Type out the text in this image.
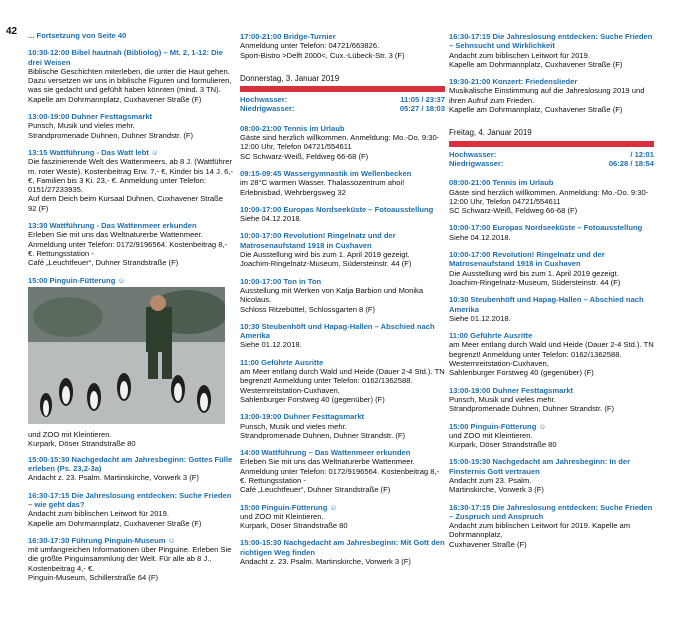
42 ... Fortsetzung von Seite 40
10:30-12:00 Bibel hautnah (Bibliolog) – Mt. 2, 1-12: Die drei Weisen
Biblische Geschichten miterleben, die unter die Haut gehen. Dazu versetzen wir uns in biblische Figuren und formulieren, was sie gedacht und gefühlt haben könnten (mind. 3 TN).
Kapelle am Dohrmannplatz, Cuxhavener Straße (F)
13:00-19:00 Duhner Festtagsmarkt
Punsch, Musik und vieles mehr.
Strandpromenade Duhnen, Duhner Strandstr. (F)
13:15 Wattführung - Das Watt lebt ☺
Die faszinierende Welt des Wattenmeers, ab 8 J. (Wattführer m. roter Weste). Kostenbeitrag Erw. 7,- €, Kinder bis 14 J. 6,- €, Familien bis 3 Ki. 23,- €. Anmeldung unter Telefon: 0151/27233935.
Auf dem Deich beim Kursaal Duhnen, Cuxhavener Straße 92 (F)
13:30 Wattführung - Das Wattenmeer erkunden
Erleben Sie mit uns das Weltnaturerbe Wattenmeer. Anmeldung unter Telefon: 0172/9196564. Kostenbeitrag 8,- €. Rettungsstation -
Café „Leuchtfeuer“, Duhner Strandstraße (F)
15:00 Pinguin-Fütterung ☺
und ZOO mit Kleintieren.
Kurpark, Döser Strandstraße 80
15:00-15:30 Nachgedacht am Jahresbeginn: Gottes Fülle erleben (Ps. 23,2-3a)
Andacht z. 23. Psalm. Martinskirche, Vorwerk 3 (F)
16:30-17:15 Die Jahreslosung entdecken: Suche Frieden – wie geht das?
Andacht zum biblischen Leitwort für 2019.
Kapelle am Dohrmannplatz, Cuxhavener Straße (F)
16:30-17:30 Führung Pinguin-Museum ☺
mit umfangreichen Informationen über Pinguine. Erleben Sie die größte Pinguinsammlung der Welt. Für alle ab 8 J., Kostenbeitrag 4,- €.
Pinguin-Museum, Schillerstraße 64 (F)
17:00-21:00 Bridge-Turnier
Anmeldung unter Telefon: 04721/663826.
Sport-Bistro >Delft 2000<, Cux.-Lübeck-Str. 3 (F)
Donnerstag, 3. Januar 2019
Hochwasser:	11:05 / 23:37
Niedrigwasser:	05:27 / 18:03
08:00-21:00 Tennis im Urlaub
Gäste sind herzlich willkommen. Anmeldung: Mo.-Do. 9:30-12:00 Uhr, Telefon 04721/554611
SC Schwarz-Weiß, Feldweg 66-68 (F)
09:15-09:45 Wassergymnastik im Wellenbecken
im 28°C warmen Wasser. Thalassozentrum ahoi!
Erlebnisbad, Wehrbergsweg 32
10:00-17:00 Europas Nordseeküste – Fotoausstellung
Siehe 04.12.2018.
10:00-17:00 Revolution! Ringelnatz und der Matrosenaufstand 1918 in Cuxhaven
Die Ausstellung wird bis zum 1. April 2019 gezeigt.
Joachim-Ringelnatz-Museum, Südersteinstr. 44 (F)
10:00-17:00 Ton in Ton
Ausstellung mit Werken von Katja Barbion und Monika Nicolaus.
Schloss Ritzebüttel, Schlossgarten 8 (F)
10:30 Steubenhöft und Hapag-Hallen – Abschied nach Amerika
Siehe 01.12.2018.
11:00 Geführte Ausritte
am Meer entlang durch Wald und Heide (Dauer 2-4 Std.). TN begrenzt! Anmeldung unter Telefon: 0162/1362588. Westernreitstation-Cuxhaven,
Sahlenburger Forstweg 40 (gegenüber) (F)
13:00-19:00 Duhner Festtagsmarkt
Punsch, Musik und vieles mehr.
Strandpromenade Duhnen, Duhner Strandstr. (F)
14:00 Wattführung – Das Wattenmeer erkunden
Erleben Sie mit uns das Weltnaturerbe Wattenmeer. Anmeldung unter Telefon: 0172/9196564. Kostenbeitrag 8,- €. Rettungsstation -
Café „Leuchtfeuer“, Duhner Strandstraße (F)
15:00 Pinguin-Fütterung ☺
und ZOO mit Kleintieren.
Kurpark, Döser Strandstraße 80
15:00-15:30 Nachgedacht am Jahresbeginn: Mit Gott den richtigen Weg finden
Andacht z. 23. Psalm. Martinskirche, Vorwerk 3 (F)
16:30-17:15 Die Jahreslosung entdecken: Suche Frieden – Sehnsucht und Wirklichkeit
Andacht zum biblischen Leitwort für 2019.
Kapelle am Dohrmannplatz, Cuxhavener Straße (F)
19:30-21:00 Konzert: Friedenslieder
Musikalische Einstimmung auf die Jahreslosung 2019 und ihren Aufruf zum Frieden.
Kapelle am Dohrmannplatz, Cuxhavener Straße (F)
Freitag, 4. Januar 2019
Hochwasser:	/ 12:01
Niedrigwasser:	06:28 / 18:54
08:00-21:00 Tennis im Urlaub
Gäste sind herzlich willkommen. Anmeldung: Mo.-Do. 9:30-12:00 Uhr, Telefon 04721/554611
SC Schwarz-Weiß, Feldweg 66-68 (F)
10:00-17:00 Europas Nordseeküste – Fotoausstellung
Siehe 04.12.2018.
10:00-17:00 Revolution! Ringelnatz und der Matrosenaufstand 1918 in Cuxhaven
Die Ausstellung wird bis zum 1. April 2019 gezeigt.
Joachim-Ringelnatz-Museum, Südersteinstr. 44 (F)
10:30 Steubenhöft und Hapag-Hallen – Abschied nach Amerika
Siehe 01.12.2018.
11:00 Geführte Ausritte
am Meer entlang durch Wald und Heide (Dauer 2-4 Std.). TN begrenzt! Anmeldung unter Telefon: 0162/1362588. Westernreitstation-Cuxhaven,
Sahlenburger Forstweg 40 (gegenüber) (F)
13:00-19:00 Duhner Festtagsmarkt
Punsch, Musik und vieles mehr.
Strandpromenade Duhnen, Duhner Strandstr. (F)
15:00 Pinguin-Fütterung ☺
und ZOO mit Kleintieren.
Kurpark, Döser Strandstraße 80
15:00-15:30 Nachgedacht am Jahresbeginn: In der Finsternis Gott vertrauen
Andacht zum 23. Psalm.
Martinskirche, Vorwerk 3 (F)
16:30-17:15 Die Jahreslosung entdecken: Suche Frieden – Zuspruch und Anspruch
Andacht zum biblischen Leitwort für 2019. Kapelle am Dohrmannplatz,
Cuxhavener Straße (F)
